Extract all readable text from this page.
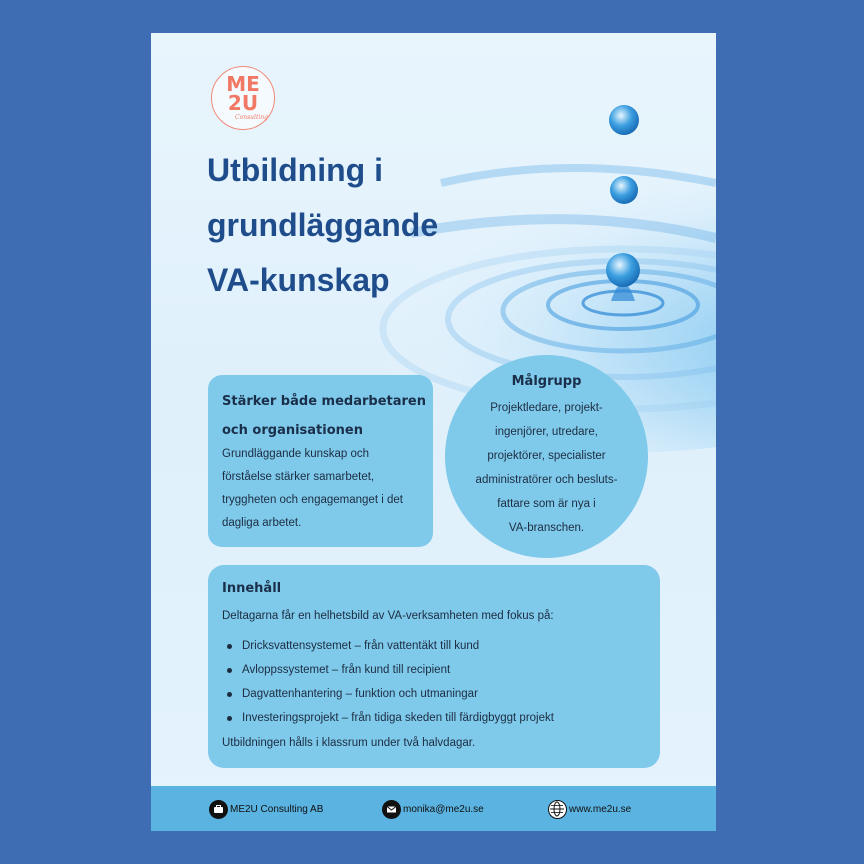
ME
2U
Consulting
Utbildning i
grundläggande
VA-kunskap
Stärker både medarbetaren och organisationen
Grundläggande kunskap och förståelse stärker samarbetet, tryggheten och engagemanget i det dagliga arbetet.
Målgrupp
Projektledare, projekt-
ingenjörer, utredare,
projektörer, specialister
administratörer och besluts-
fattare som är nya i
VA-branschen.
Innehåll
Deltagarna får en helhetsbild av VA-verksamheten med fokus på:
Dricksvattensystemet – från vattentäkt till kund
Avloppssystemet – från kund till recipient
Dagvattenhantering – funktion och utmaningar
Investeringsprojekt – från tidiga skeden till färdigbyggt projekt
Utbildningen hålls i klassrum under två halvdagar.
ME2U Consulting AB	monika@me2u.se	www.me2u.se
